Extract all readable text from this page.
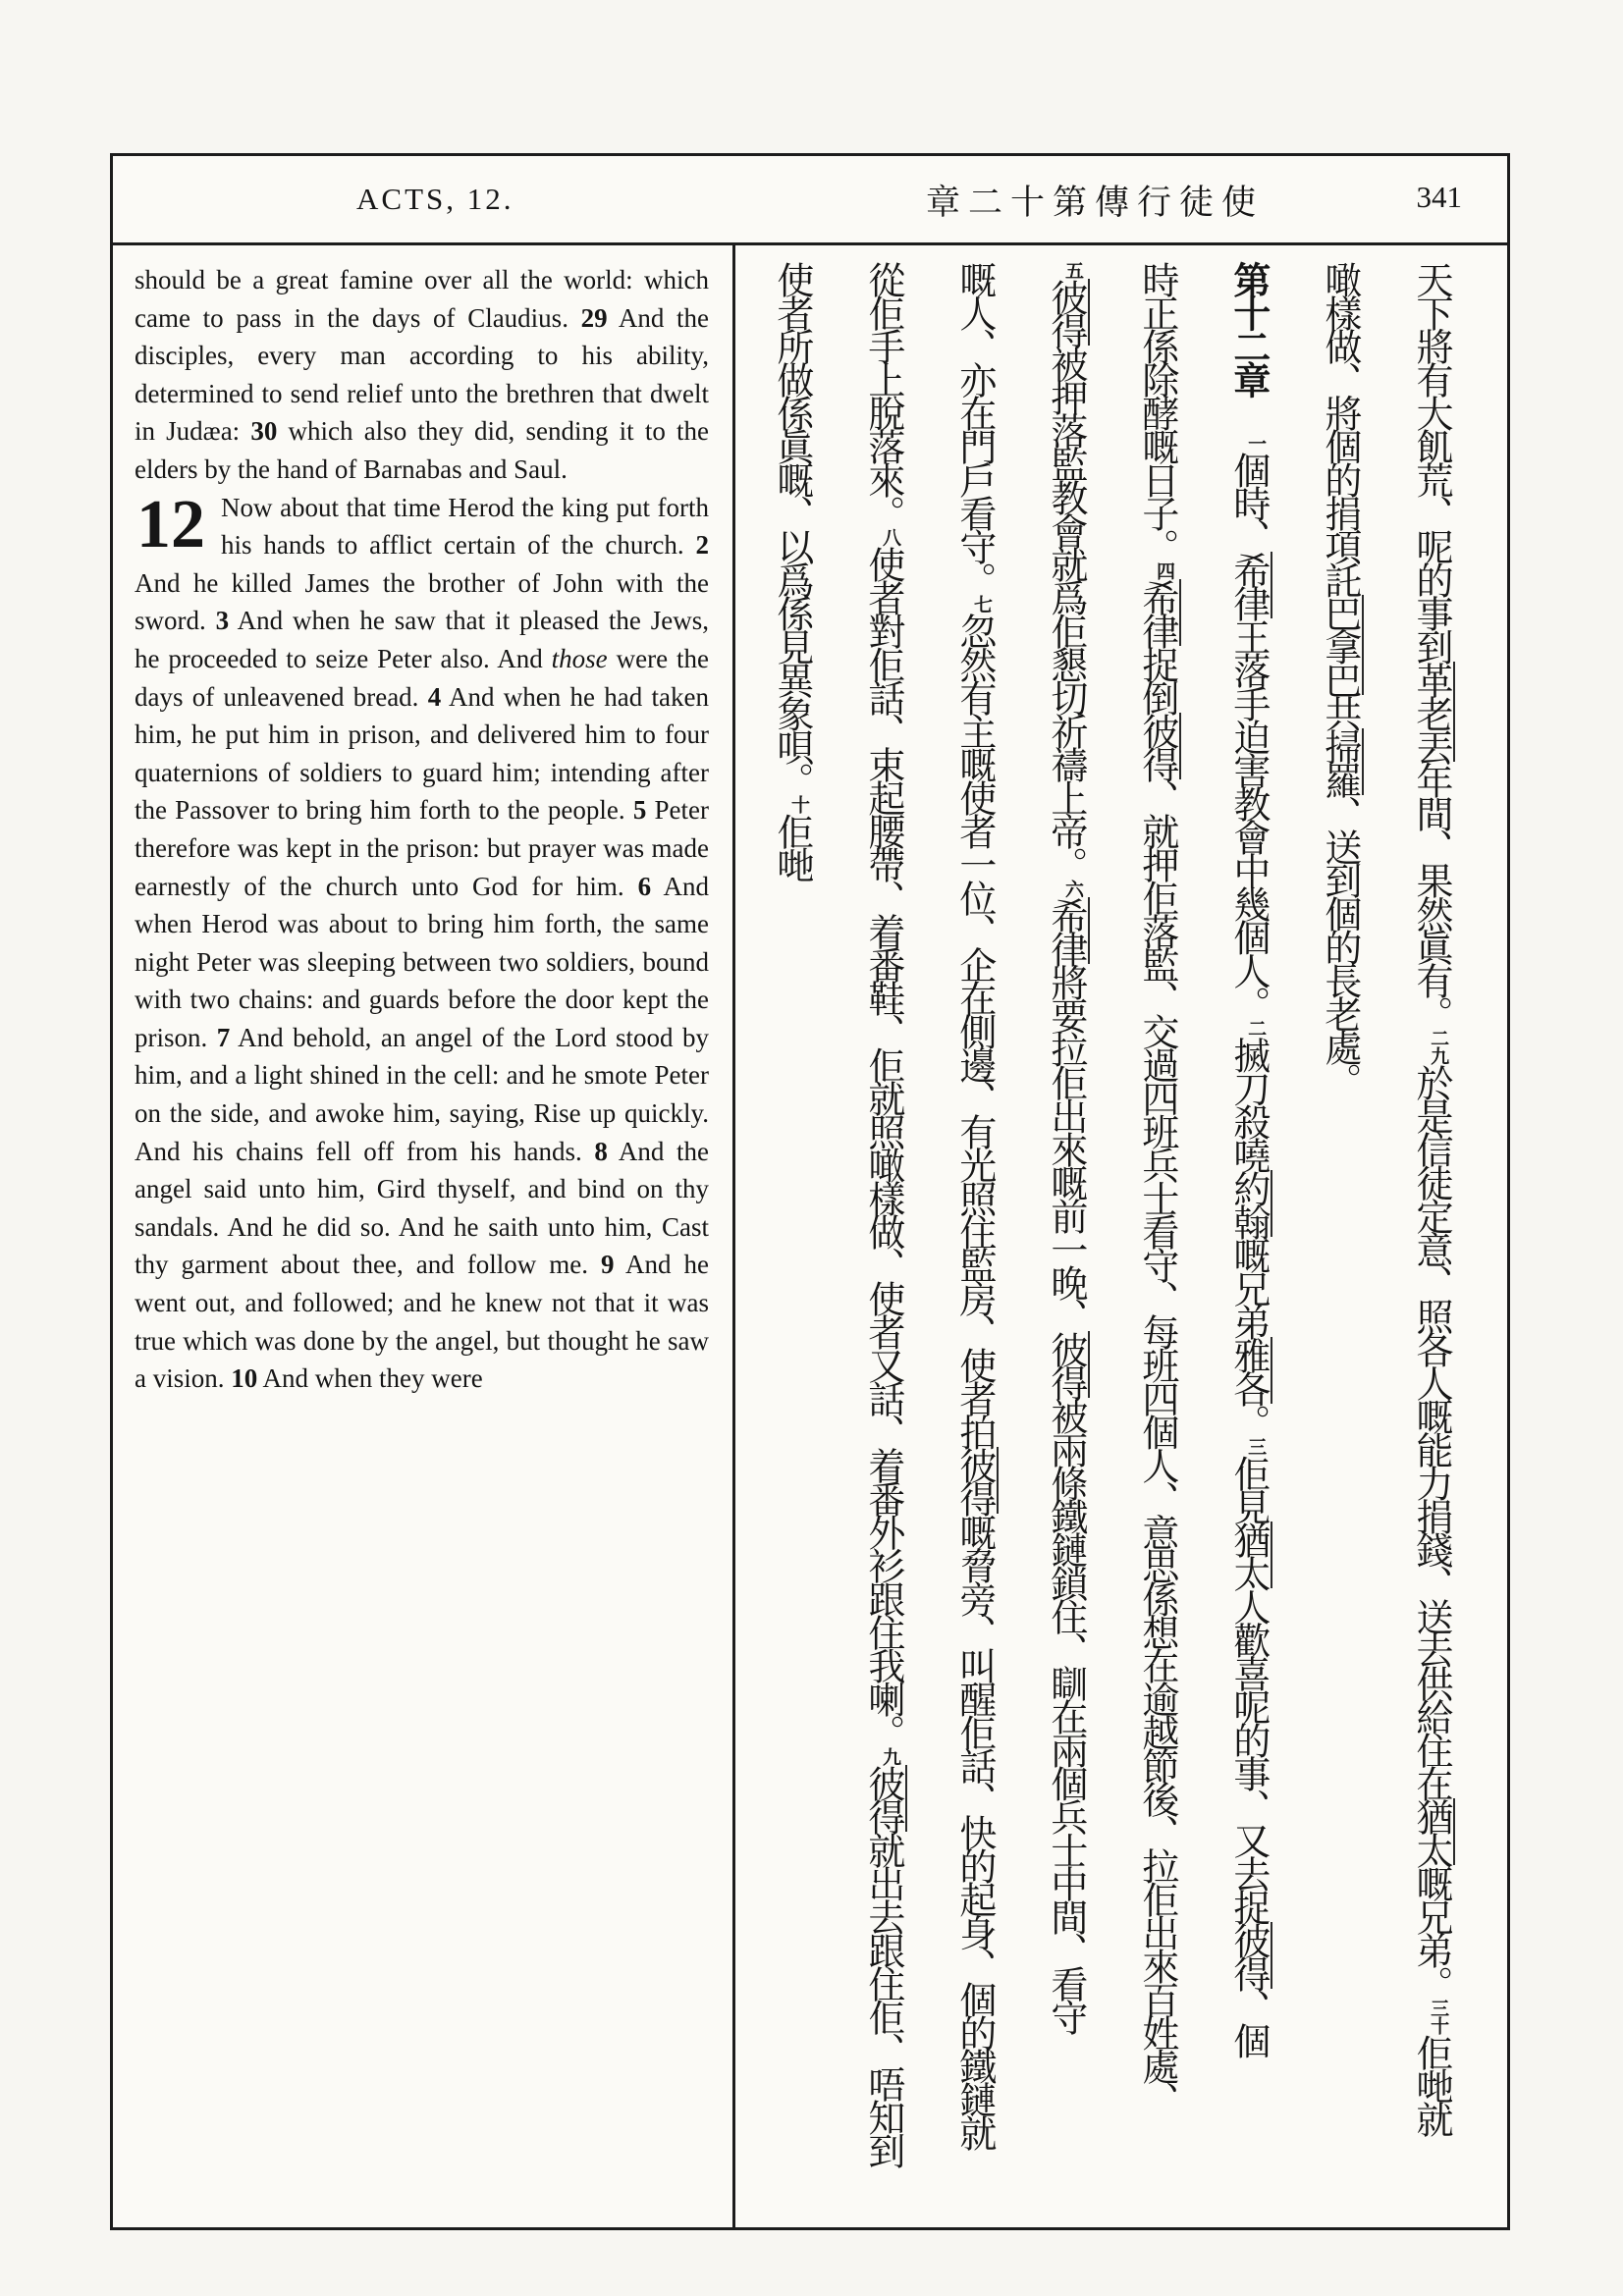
ACTS, 12.	章二十第傳行徒使	341

should be a great famine over all the world: which came to pass in the days of Claudius. 29 And the disciples, every man according to his ability, determined to send relief unto the brethren that dwelt in Judæa: 30 which also they did, sending it to the elders by the hand of Barnabas and Saul.

12 Now about that time Herod the king put forth his hands to afflict certain of the church. 2 And he killed James the brother of John with the sword. 3 And when he saw that it pleased the Jews, he proceeded to seize Peter also. And those were the days of unleavened bread. 4 And when he had taken him, he put him in prison, and delivered him to four quaternions of soldiers to guard him; intending after the Passover to bring him forth to the people. 5 Peter therefore was kept in the prison: but prayer was made earnestly of the church unto God for him. 6 And when Herod was about to bring him forth, the same night Peter was sleeping between two soldiers, bound with two chains: and guards before the door kept the prison. 7 And behold, an angel of the Lord stood by him, and a light shined in the cell: and he smote Peter on the side, and awoke him, saying, Rise up quickly. And his chains fell off from his hands. 8 And the angel said unto him, Gird thyself, and bind on thy sandals. And he did so. And he saith unto him, Cast thy garment about thee, and follow me. 9 And he went out, and followed; and he knew not that it was true which was done by the angel, but thought he saw a vision. 10 And when they were

天下將有大飢荒、呢的事到革老丟年間、果然眞有。二九於是信徒定意、照各人嘅能力捐錢、送去供給住在猶太嘅兄弟。三十佢哋就
噉樣做、將個的捐項託巴拿巴共掃羅、送到個的長老處。
第十二章一個時、希律王落手迫害教會中幾個人。二搣刀殺嘵約翰嘅兄弟雅各。三佢見猶太人歡喜呢的事、又去捉彼得、個
時正係除酵嘅日子。四希律捉倒彼得、就押佢落監、交過四班兵士看守、每班四個人、意思係想在逾越節後、拉佢出來百姓處、
五彼得被押落監教會就爲佢懇切祈禱上帝。六希律將要拉佢出來嘅前一晚、彼得被兩條鐵鏈鎖住、瞓在兩個兵士中間、看守
嘅人、亦在門戶看守。七忽然有主嘅使者一位、企在側邊、有光照住監房、使者拍彼得嘅脅旁、叫醒佢話、快的起身、個的鐵鏈就
從佢手上脫落來。八使者對佢話、束起腰帶、着番鞋、佢就照噉樣做、使者又話、着番外衫跟住我喇。九彼得就出去跟住佢、唔知到
使者所做係眞嘅、以爲係見異象唄。十佢哋
